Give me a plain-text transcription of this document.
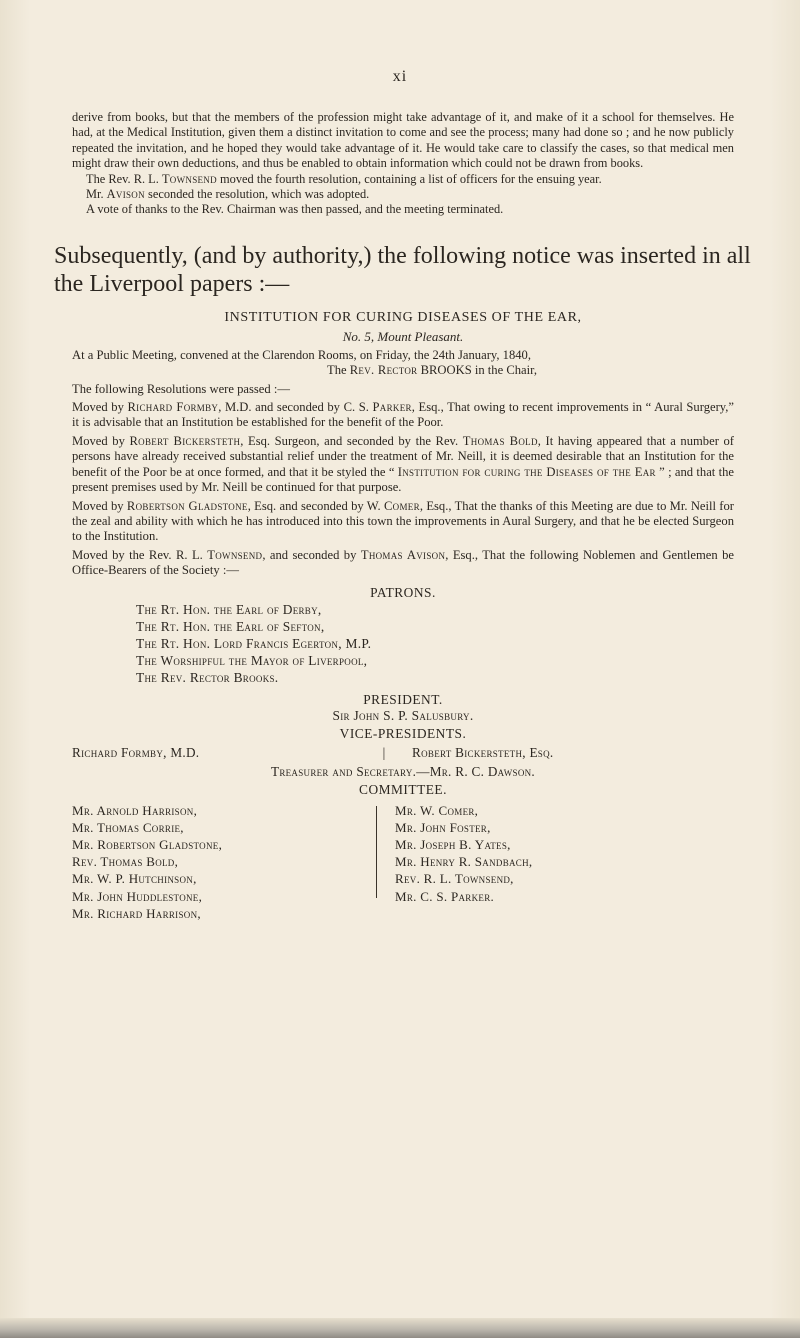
xi

derive from books, but that the members of the profession might take advantage of it, and make of it a school for themselves. He had, at the Medical Institution, given them a distinct invitation to come and see the process; many had done so ; and he now publicly repeated the invitation, and he hoped they would take advantage of it. He would take care to classify the cases, so that medical men might draw their own deductions, and thus be enabled to obtain information which could not be drawn from books.

The Rev. R. L. Townsend moved the fourth resolution, containing a list of officers for the ensuing year.

Mr. Avison seconded the resolution, which was adopted.

A vote of thanks to the Rev. Chairman was then passed, and the meeting terminated.

Subsequently, (and by authority,) the following notice was inserted in all the Liverpool papers :—

INSTITUTION FOR CURING DISEASES OF THE EAR,

No. 5, Mount Pleasant.

At a Public Meeting, convened at the Clarendon Rooms, on Friday, the 24th January, 1840,

The Rev. Rector BROOKS in the Chair,

The following Resolutions were passed :—

Moved by Richard Formby, M.D. and seconded by C. S. Parker, Esq., That owing to recent improvements in “ Aural Surgery,” it is advisable that an Institution be established for the benefit of the Poor.

Moved by Robert Bickersteth, Esq. Surgeon, and seconded by the Rev. Thomas Bold, It having appeared that a number of persons have already received substantial relief under the treatment of Mr. Neill, it is deemed desirable that an Institution for the benefit of the Poor be at once formed, and that it be styled the “ Institution for curing the Diseases of the Ear ” ; and that the present premises used by Mr. Neill be continued for that purpose.

Moved by Robertson Gladstone, Esq. and seconded by W. Comer, Esq., That the thanks of this Meeting are due to Mr. Neill for the zeal and ability with which he has introduced into this town the improvements in Aural Surgery, and that he be elected Surgeon to the Institution.

Moved by the Rev. R. L. Townsend, and seconded by Thomas Avison, Esq., That the following Noblemen and Gentlemen be Office-Bearers of the Society :—

PATRONS.

The Rt. Hon. the Earl of Derby,
The Rt. Hon. the Earl of Sefton,
The Rt. Hon. Lord Francis Egerton, M.P.
The Worshipful the Mayor of Liverpool,
The Rev. Rector Brooks.

PRESIDENT.

Sir John S. P. Salusbury.

VICE-PRESIDENTS.

Richard Formby, M.D.	|	Robert Bickersteth, Esq.

Treasurer and Secretary.—Mr. R. C. Dawson.

COMMITTEE.

Mr. Arnold Harrison,
Mr. Thomas Corrie,
Mr. Robertson Gladstone,
Rev. Thomas Bold,
Mr. W. P. Hutchinson,
Mr. John Huddlestone,
Mr. Richard Harrison,
Mr. W. Comer,
Mr. John Foster,
Mr. Joseph B. Yates,
Mr. Henry R. Sandbach,
Rev. R. L. Townsend,
Mr. C. S. Parker.
